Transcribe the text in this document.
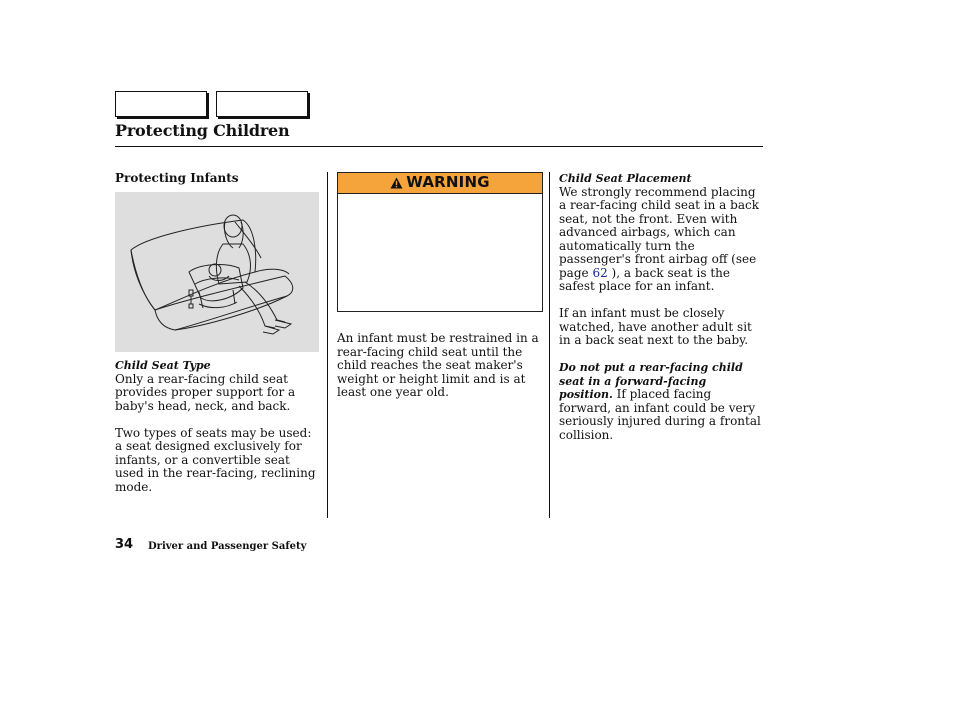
Protecting Children
Protecting Infants
Child Seat Type

Only a rear-facing child seat provides proper support for a baby's head, neck, and back.

Two types of seats may be used: a seat designed exclusively for infants, or a convertible seat used in the rear-facing, reclining mode.

WARNING

An infant must be restrained in a rear-facing child seat until the child reaches the seat maker's weight or height limit and is at least one year old.

Child Seat Placement

We strongly recommend placing a rear-facing child seat in a back seat, not the front. Even with advanced airbags, which can automatically turn the passenger's front airbag off (see page 62 ), a back seat is the safest place for an infant.

If an infant must be closely watched, have another adult sit in a back seat next to the baby.

Do not put a rear-facing child seat in a forward-facing position. If placed facing forward, an infant could be very seriously injured during a frontal collision.

34 Driver and Passenger Safety
